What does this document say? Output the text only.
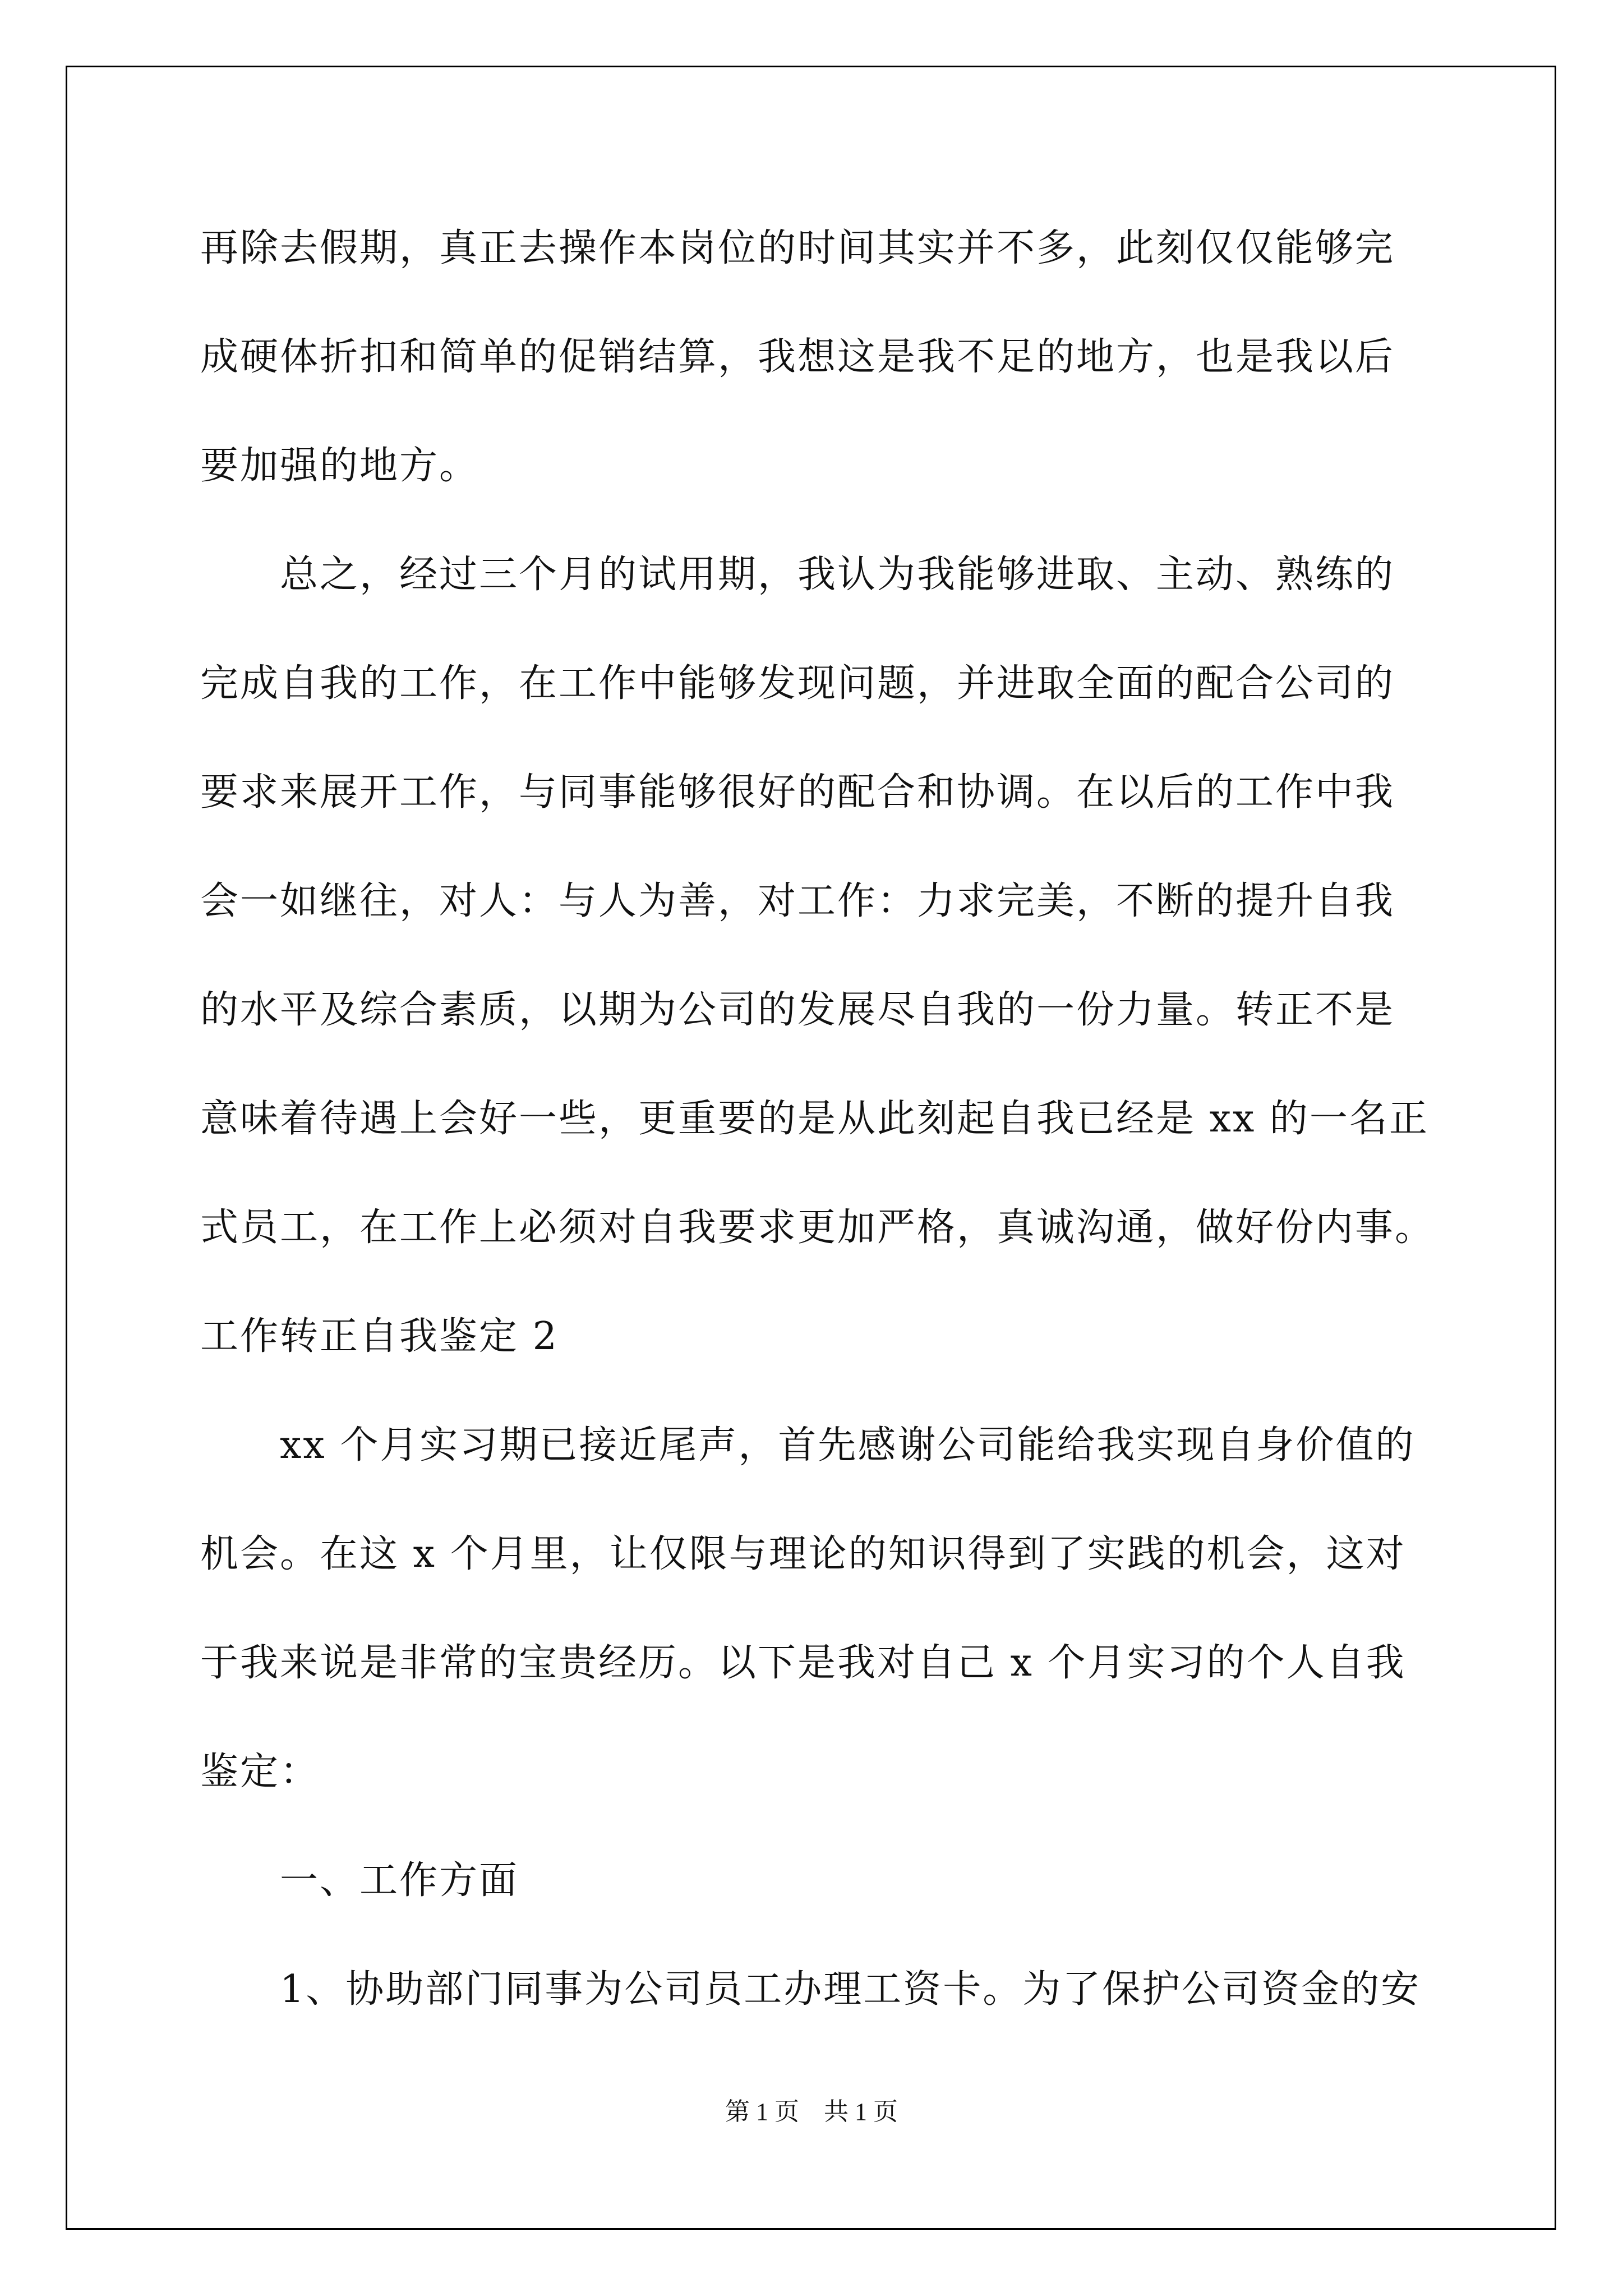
再除去假期，真正去操作本岗位的时间其实并不多，此刻仅仅能够完

成硬体折扣和简单的促销结算，我想这是我不足的地方，也是我以后

要加强的地方。

　　总之，经过三个月的试用期，我认为我能够进取、主动、熟练的

完成自我的工作，在工作中能够发现问题，并进取全面的配合公司的

要求来展开工作，与同事能够很好的配合和协调。在以后的工作中我

会一如继往，对人：与人为善，对工作：力求完美，不断的提升自我

的水平及综合素质，以期为公司的发展尽自我的一份力量。转正不是

意味着待遇上会好一些，更重要的是从此刻起自我已经是 xx 的一名正

式员工，在工作上必须对自我要求更加严格，真诚沟通，做好份内事。

工作转正自我鉴定 2

　　xx 个月实习期已接近尾声，首先感谢公司能给我实现自身价值的

机会。在这 x 个月里，让仅限与理论的知识得到了实践的机会，这对

于我来说是非常的宝贵经历。以下是我对自己 x 个月实习的个人自我

鉴定：

　　一、工作方面

　　1、协助部门同事为公司员工办理工资卡。为了保护公司资金的安

第 1 页　共 1 页
